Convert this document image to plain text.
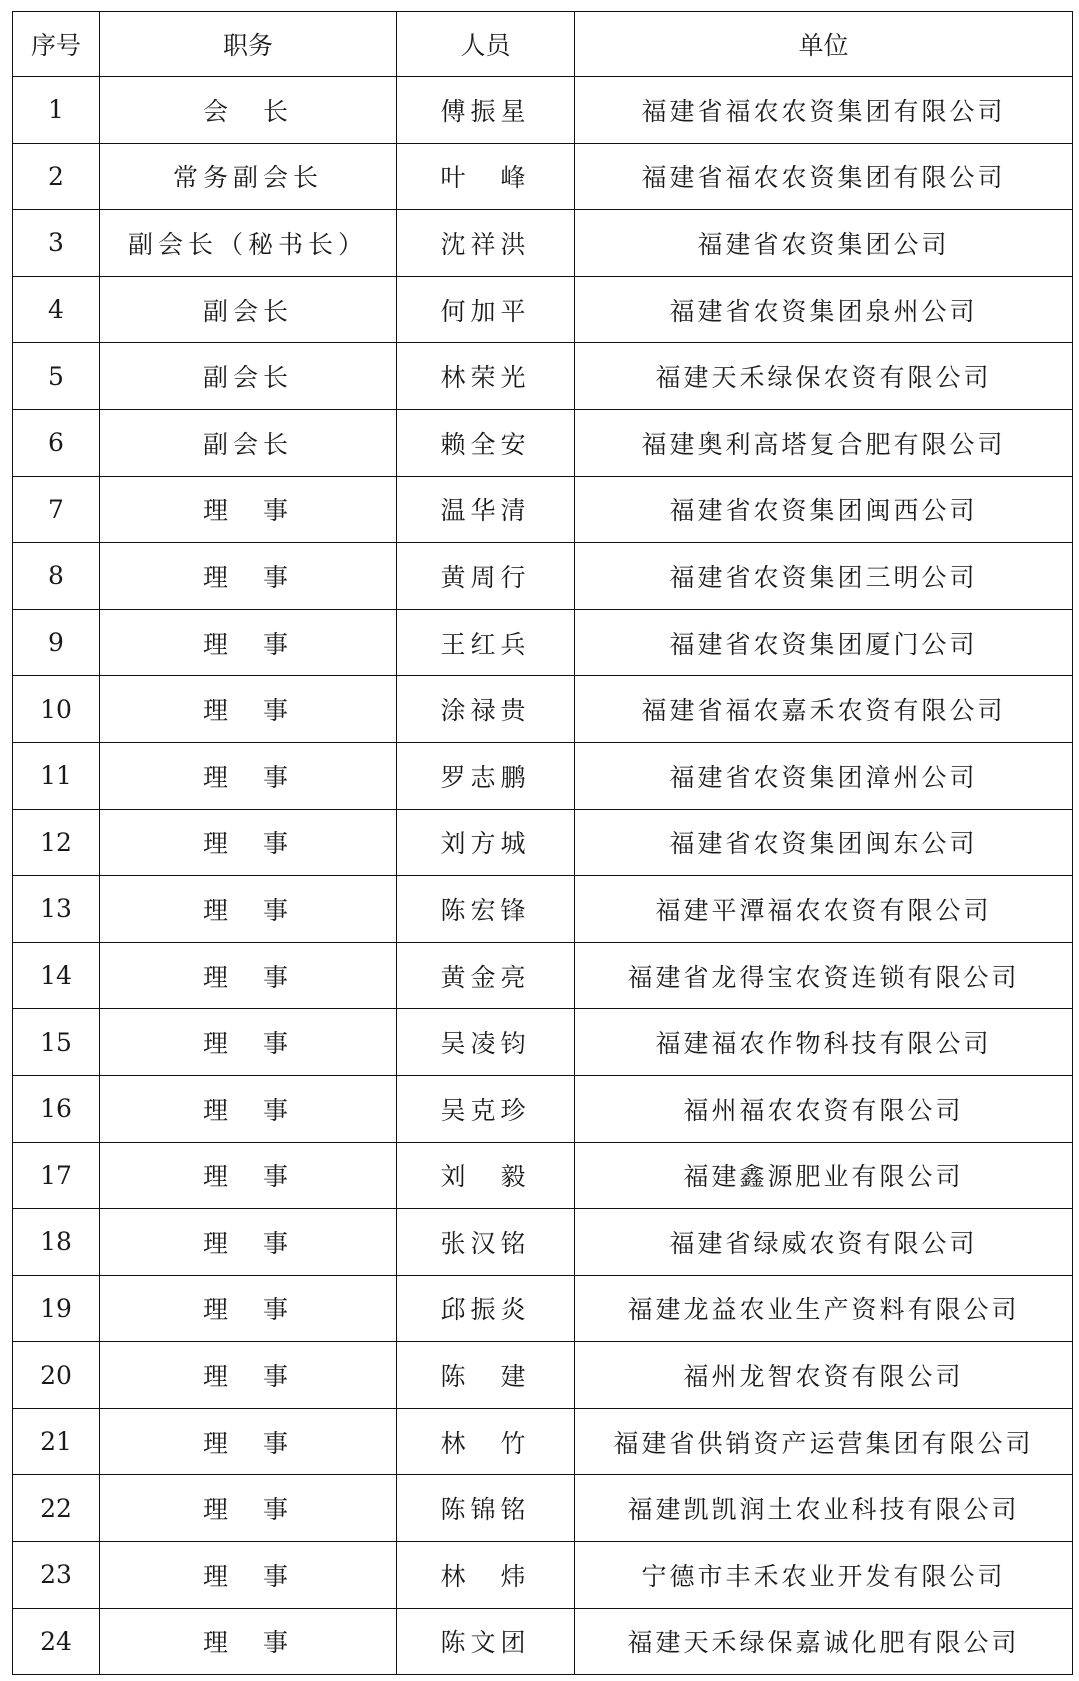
序号	职务	人员	单位
1	会　长	傅振星	福建省福农农资集团有限公司
2	常务副会长	叶　峰	福建省福农农资集团有限公司
3	副会长（秘书长）	沈祥洪	福建省农资集团公司
4	副会长	何加平	福建省农资集团泉州公司
5	副会长	林荣光	福建天禾绿保农资有限公司
6	副会长	赖全安	福建奥利高塔复合肥有限公司
7	理　事	温华清	福建省农资集团闽西公司
8	理　事	黄周行	福建省农资集团三明公司
9	理　事	王红兵	福建省农资集团厦门公司
10	理　事	涂禄贵	福建省福农嘉禾农资有限公司
11	理　事	罗志鹏	福建省农资集团漳州公司
12	理　事	刘方城	福建省农资集团闽东公司
13	理　事	陈宏锋	福建平潭福农农资有限公司
14	理　事	黄金亮	福建省龙得宝农资连锁有限公司
15	理　事	吴凌钧	福建福农作物科技有限公司
16	理　事	吴克珍	福州福农农资有限公司
17	理　事	刘　毅	福建鑫源肥业有限公司
18	理　事	张汉铭	福建省绿威农资有限公司
19	理　事	邱振炎	福建龙益农业生产资料有限公司
20	理　事	陈　建	福州龙智农资有限公司
21	理　事	林　竹	福建省供销资产运营集团有限公司
22	理　事	陈锦铭	福建凯凯润土农业科技有限公司
23	理　事	林　炜	宁德市丰禾农业开发有限公司
24	理　事	陈文团	福建天禾绿保嘉诚化肥有限公司
